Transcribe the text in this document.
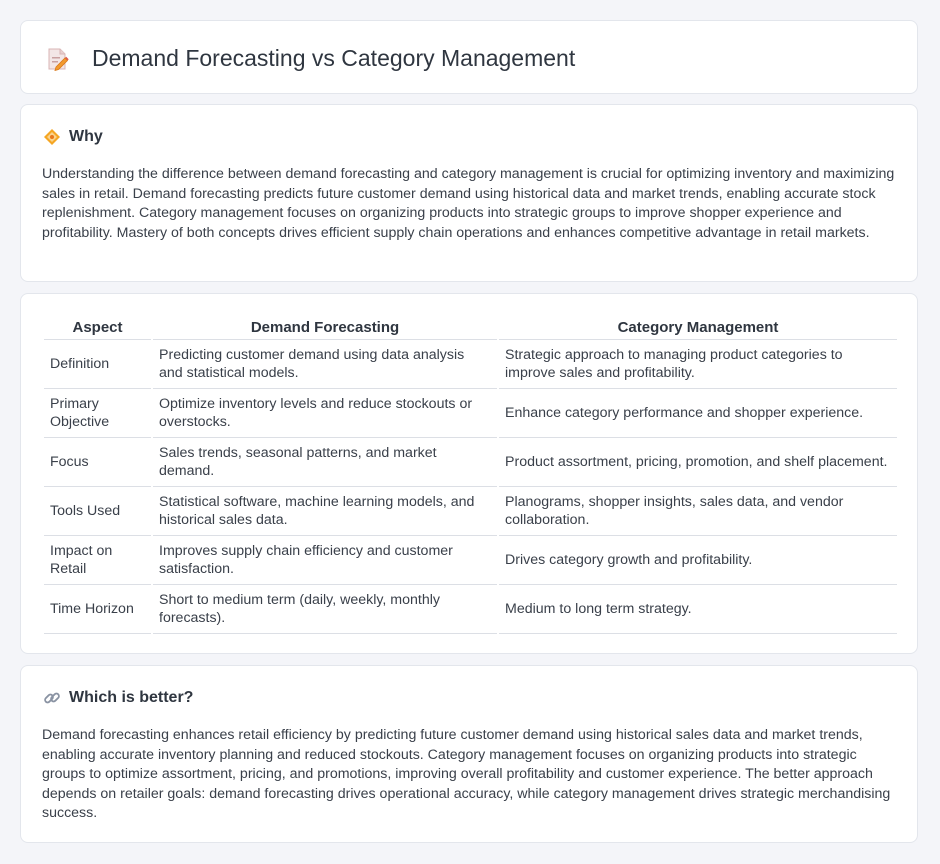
Demand Forecasting vs Category Management
Why

Understanding the difference between demand forecasting and category management is crucial for optimizing inventory and maximizing sales in retail. Demand forecasting predicts future customer demand using historical data and market trends, enabling accurate stock replenishment. Category management focuses on organizing products into strategic groups to improve shopper experience and profitability. Mastery of both concepts drives efficient supply chain operations and enhances competitive advantage in retail markets.

Aspect	Demand Forecasting	Category Management
Definition	Predicting customer demand using data analysis and statistical models.	Strategic approach to managing product categories to improve sales and profitability.
Primary Objective	Optimize inventory levels and reduce stockouts or overstocks.	Enhance category performance and shopper experience.
Focus	Sales trends, seasonal patterns, and market demand.	Product assortment, pricing, promotion, and shelf placement.
Tools Used	Statistical software, machine learning models, and historical sales data.	Planograms, shopper insights, sales data, and vendor collaboration.
Impact on Retail	Improves supply chain efficiency and customer satisfaction.	Drives category growth and profitability.
Time Horizon	Short to medium term (daily, weekly, monthly forecasts).	Medium to long term strategy.
Which is better?

Demand forecasting enhances retail efficiency by predicting future customer demand using historical sales data and market trends, enabling accurate inventory planning and reduced stockouts. Category management focuses on organizing products into strategic groups to optimize assortment, pricing, and promotions, improving overall profitability and customer experience. The better approach depends on retailer goals: demand forecasting drives operational accuracy, while category management drives strategic merchandising success.
